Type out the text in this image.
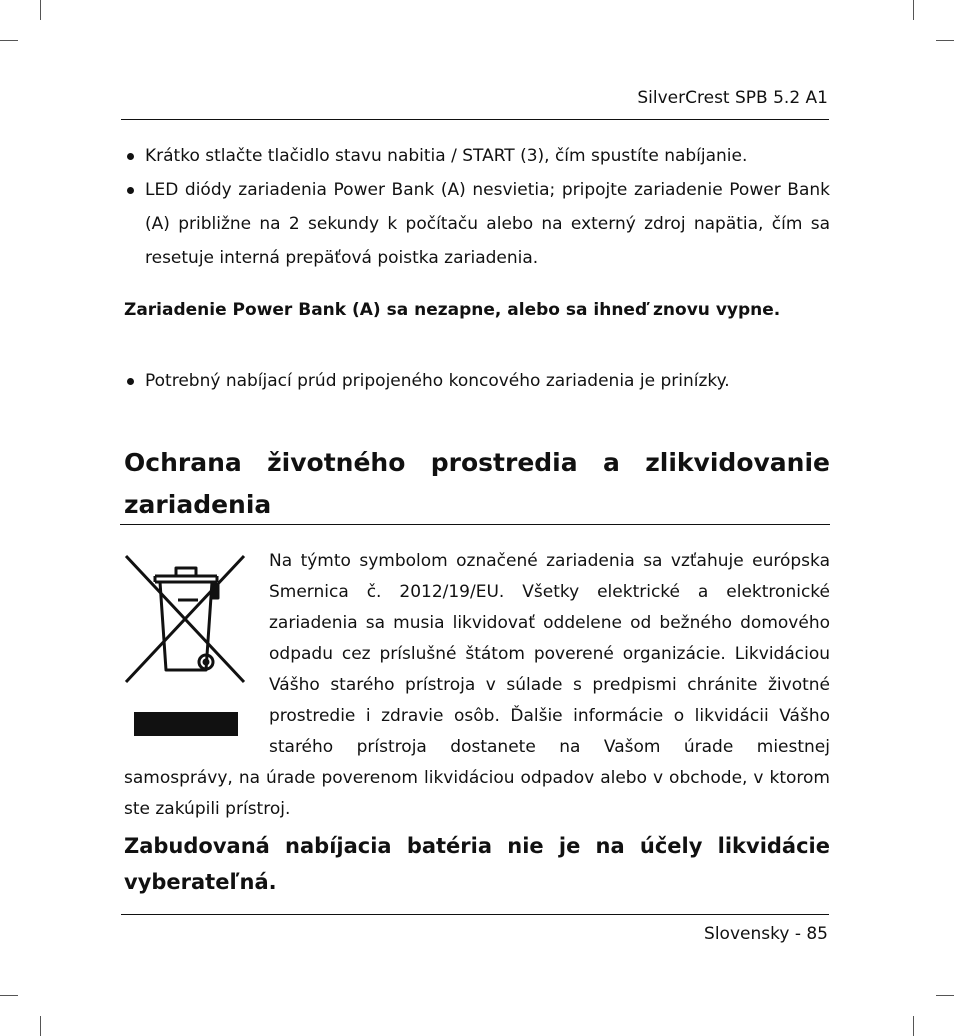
SilverCrest SPB 5.2 A1
Krátko stlačte tlačidlo stavu nabitia / START (3), čím spustíte nabíjanie.
LED diódy zariadenia Power Bank (A) nesvietia; pripojte zariadenie Power Bank (A) približne na 2 sekundy k počítaču alebo na externý zdroj napätia, čím sa resetuje interná prepäťová poistka zariadenia.

Zariadenie Power Bank (A) sa nezapne, alebo sa ihneď znovu vypne.

Potrebný nabíjací prúd pripojeného koncového zariadenia je prinízky.
Ochrana životného prostredia a zlikvidovanie zariadenia

Na týmto symbolom označené zariadenia sa vzťahuje európska Smernica č. 2012/19/EU. Všetky elektrické a elektronické zariadenia sa musia likvidovať oddelene od bežného domového odpadu cez príslušné štátom poverené organizácie. Likvidáciou Vášho starého prístroja v súlade s predpismi chránite životné prostredie i zdravie osôb. Ďalšie informácie o likvidácii Vášho starého prístroja dostanete na Vašom úrade miestnej samosprávy, na úrade poverenom likvidáciou odpadov alebo v obchode, v ktorom ste zakúpili prístroj.

Zabudovaná nabíjacia batéria nie je na účely likvidácie vyberateľná.

Slovensky - 85
